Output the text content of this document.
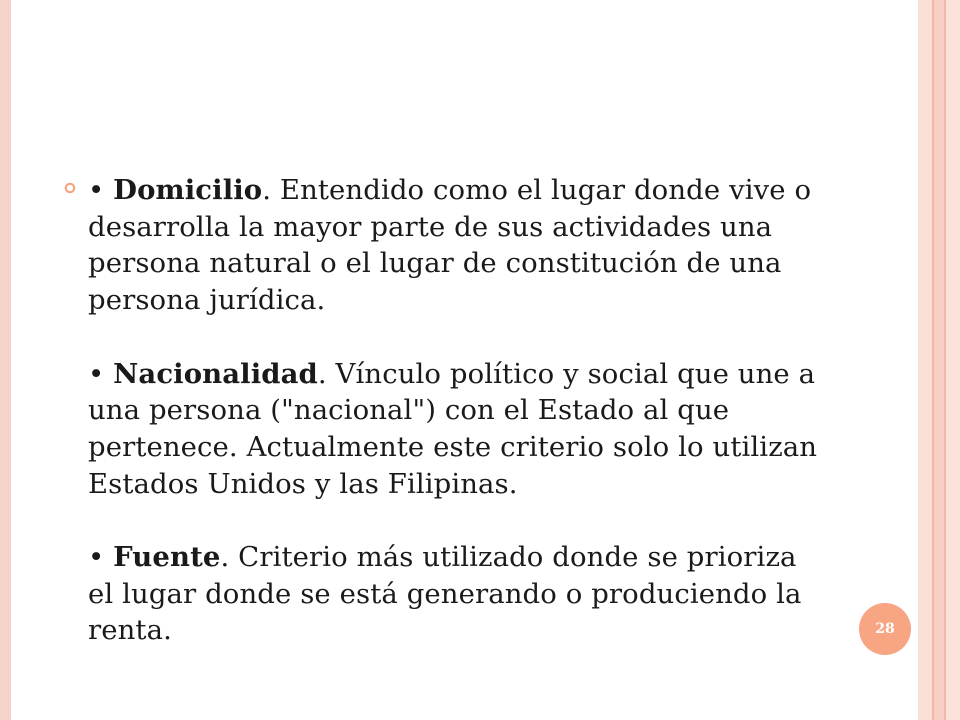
• Domicilio. Entendido como el lugar donde vive o desarrolla la mayor parte de sus actividades una persona natural o el lugar de constitución de una persona jurídica.

• Nacionalidad. Vínculo político y social que une a una persona ("nacional") con el Estado al que pertenece. Actualmente este criterio solo lo utilizan Estados Unidos y las Filipinas.

• Fuente. Criterio más utilizado donde se prioriza el lugar donde se está generando o produciendo la renta.	28
